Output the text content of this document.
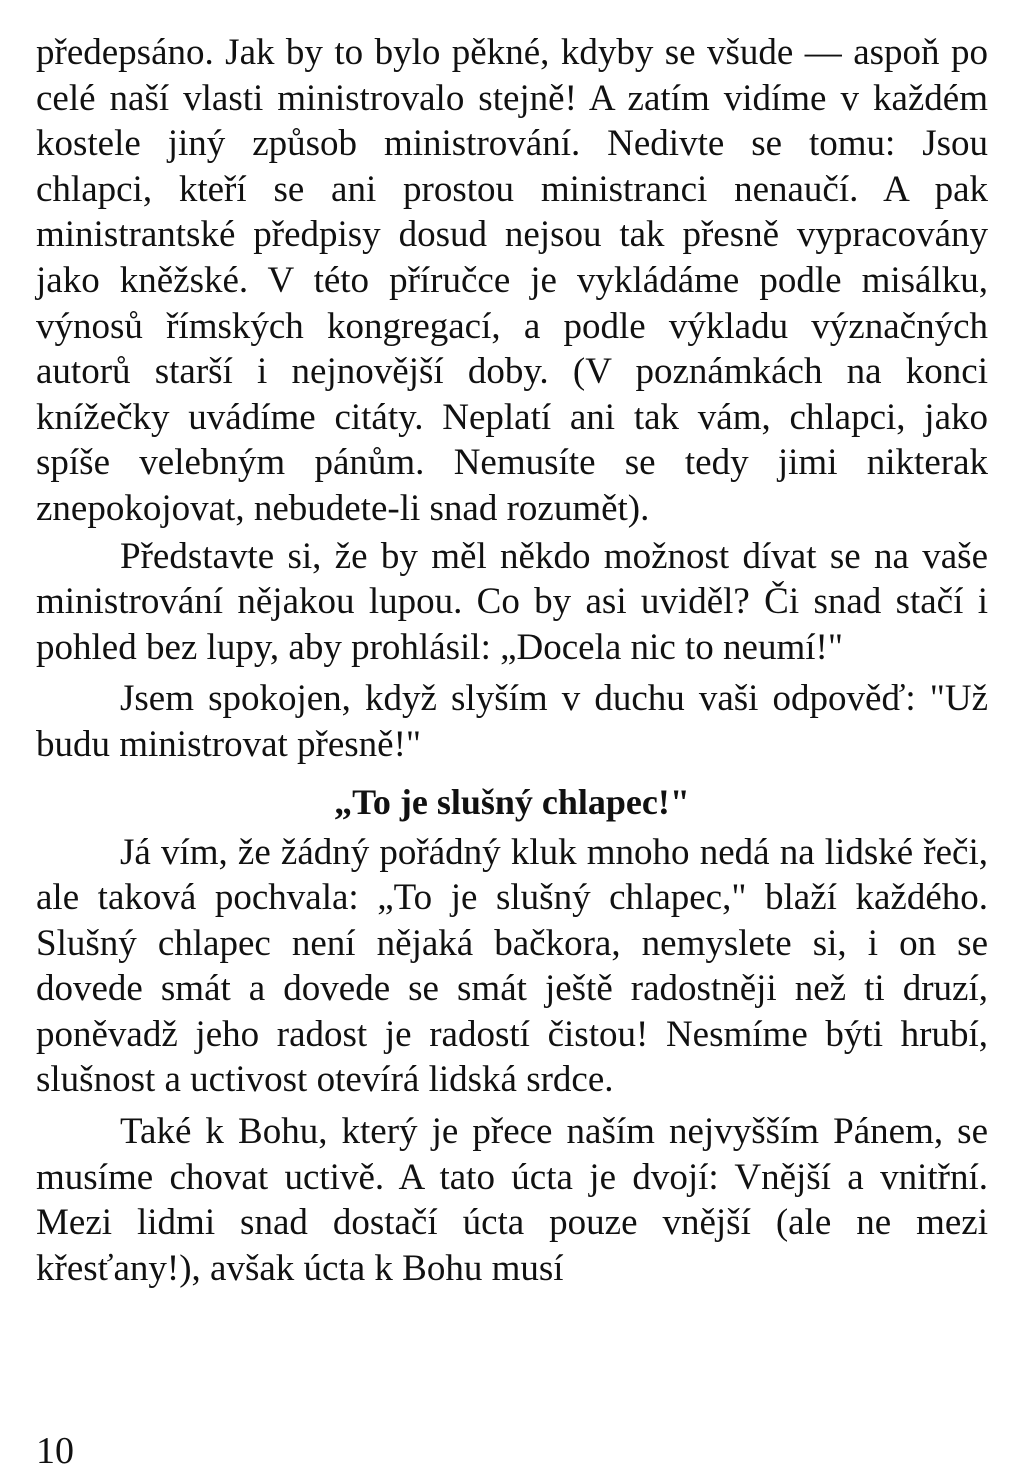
předepsáno. Jak by to bylo pěkné, kdyby se všude — aspoň po celé naší vlasti ministrovalo stejně! A zatím vidíme v každém kostele jiný způsob ministrování. Nedivte se tomu: Jsou chlapci, kteří se ani prostou ministranci nenaučí. A pak ministrantské předpisy dosud nejsou tak přesně vypracovány jako kněžské. V této příručce je vykládáme podle misálku, výnosů římských kongregací, a podle výkladu význačných autorů starší i nejnovější doby. (V poznámkách na konci knížečky uvádíme citáty. Neplatí ani tak vám, chlapci, jako spíše velebným pánům. Nemusíte se tedy jimi nikterak znepokojovat, nebudete-li snad rozumět).

Představte si, že by měl někdo možnost dívat se na vaše ministrování nějakou lupou. Co by asi uviděl? Či snad stačí i pohled bez lupy, aby prohlásil: „Docela nic to neumí!"

Jsem spokojen, když slyším v duchu vaši odpověď: "Už budu ministrovat přesně!"

„To je slušný chlapec!"

Já vím, že žádný pořádný kluk mnoho nedá na lidské řeči, ale taková pochvala: „To je slušný chlapec," blaží každého. Slušný chlapec není nějaká bačkora, nemyslete si, i on se dovede smát a dovede se smát ještě radostněji než ti druzí, poněvadž jeho radost je radostí čistou! Nesmíme býti hrubí, slušnost a uctivost otevírá lidská srdce.

Také k Bohu, který je přece naším nejvyšším Pánem, se musíme chovat uctivě. A tato úcta je dvojí: Vnější a vnitřní. Mezi lidmi snad dostačí úcta pouze vnější (ale ne mezi křesťany!), avšak úcta k Bohu musí

10
